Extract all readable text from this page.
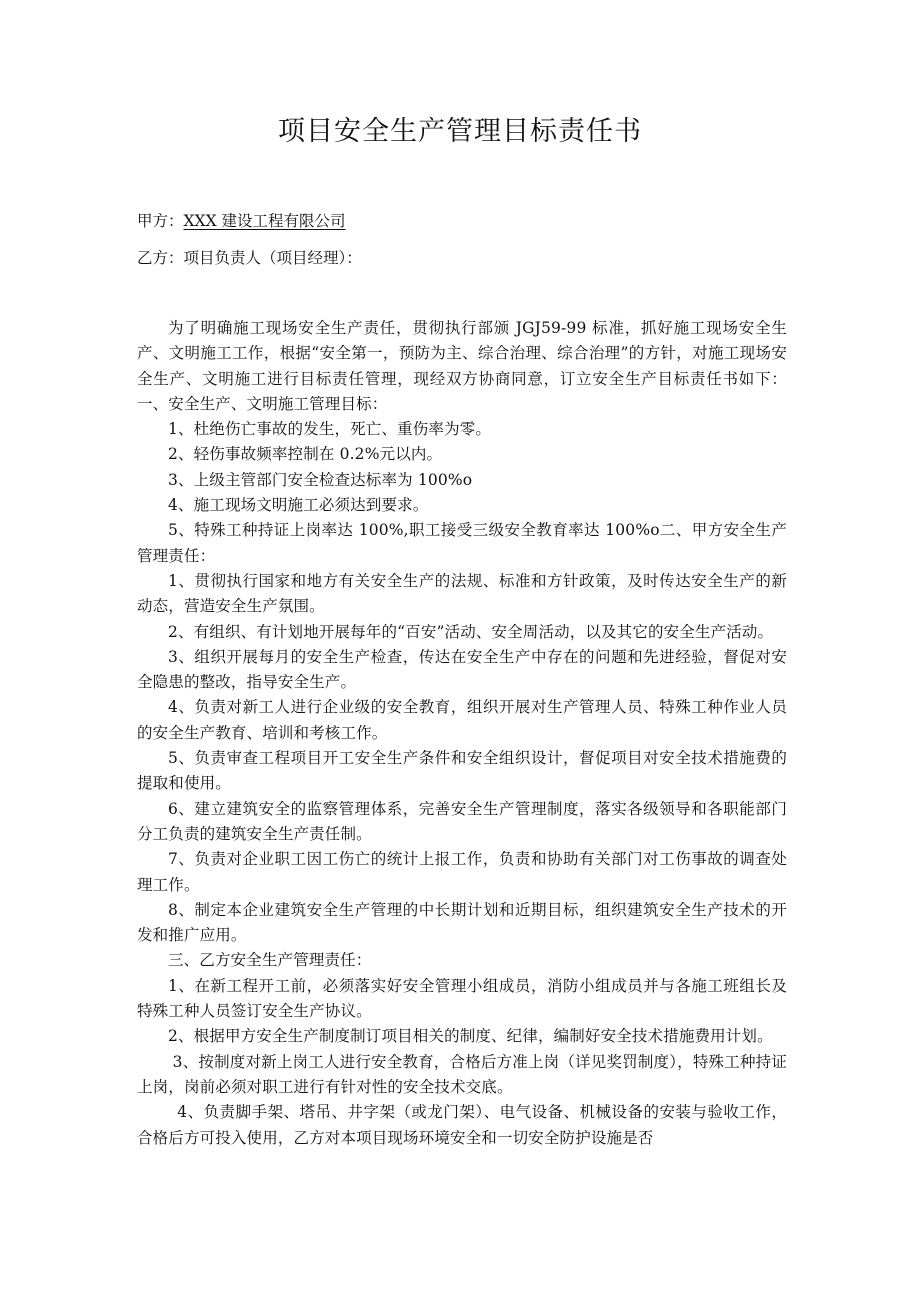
项目安全生产管理目标责任书

甲方：XXX 建设工程有限公司

乙方：项目负责人（项目经理）：

为了明确施工现场安全生产责任，贯彻执行部颁 JGJ59-99 标准，抓好施工现场安全生产、文明施工工作，根据“安全第一，预防为主、综合治理、综合治理”的方针，对施工现场安全生产、文明施工进行目标责任管理，现经双方协商同意，订立安全生产目标责任书如下：一、安全生产、文明施工管理目标：

1、杜绝伤亡事故的发生，死亡、重伤率为零。

2、轻伤事故频率控制在 0.2%元以内。

3、上级主管部门安全检查达标率为 100%o

4、施工现场文明施工必须达到要求。

5、特殊工种持证上岗率达 100%,职工接受三级安全教育率达 100%o二、甲方安全生产管理责任：

1、贯彻执行国家和地方有关安全生产的法规、标准和方针政策，及时传达安全生产的新动态，营造安全生产氛围。

2、有组织、有计划地开展每年的“百安”活动、安全周活动，以及其它的安全生产活动。

3、组织开展每月的安全生产检查，传达在安全生产中存在的问题和先进经验，督促对安全隐患的整改，指导安全生产。

4、负责对新工人进行企业级的安全教育，组织开展对生产管理人员、特殊工种作业人员的安全生产教育、培训和考核工作。

5、负责审查工程项目开工安全生产条件和安全组织设计，督促项目对安全技术措施费的提取和使用。

6、建立建筑安全的监察管理体系，完善安全生产管理制度，落实各级领导和各职能部门分工负责的建筑安全生产责任制。

7、负责对企业职工因工伤亡的统计上报工作，负责和协助有关部门对工伤事故的调查处理工作。

8、制定本企业建筑安全生产管理的中长期计划和近期目标，组织建筑安全生产技术的开发和推广应用。

三、乙方安全生产管理责任：

1、在新工程开工前，必须落实好安全管理小组成员，消防小组成员并与各施工班组长及特殊工种人员签订安全生产协议。

2、根据甲方安全生产制度制订项目相关的制度、纪律，编制好安全技术措施费用计划。

3、按制度对新上岗工人进行安全教育，合格后方准上岗（详见奖罚制度），特殊工种持证上岗，岗前必须对职工进行有针对性的安全技术交底。

4、负责脚手架、塔吊、井字架（或龙门架）、电气设备、机械设备的安装与验收工作，合格后方可投入使用，乙方对本项目现场环境安全和一切安全防护设施是否
